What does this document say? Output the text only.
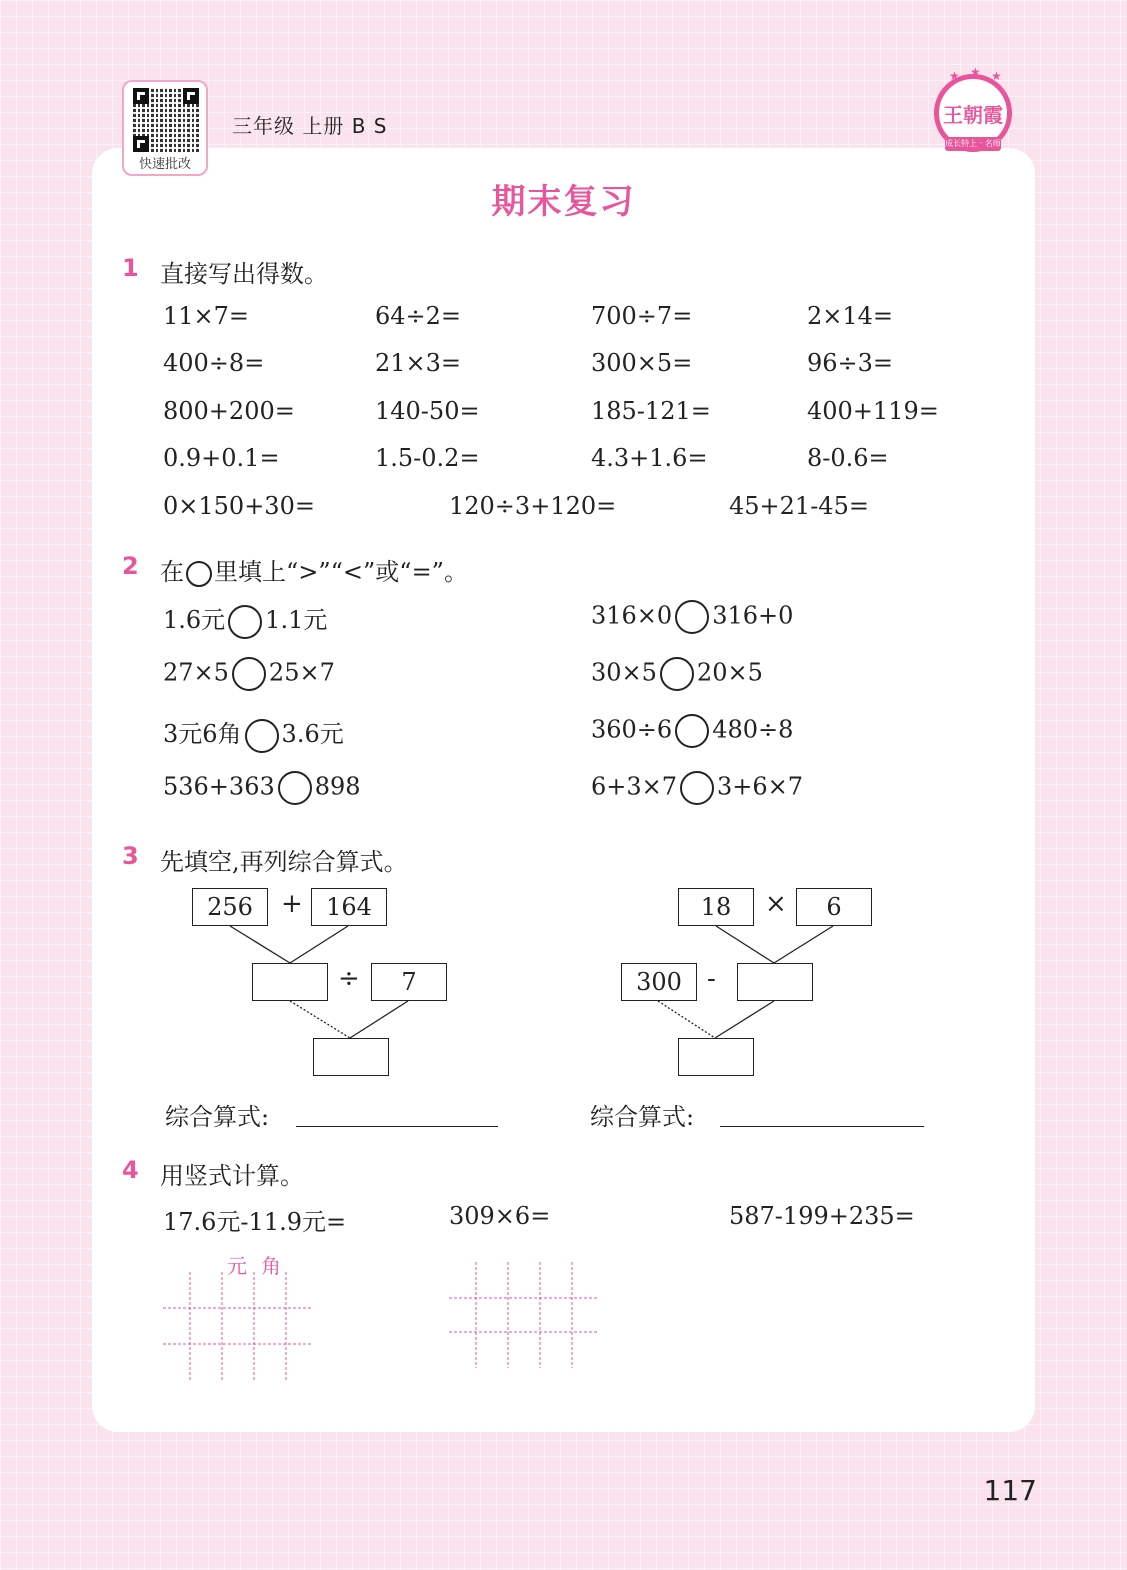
快速批改
三年级 上册 B S
★ ★ ★
王朝霞
成长特上 · 名师指导
期末复习
1 直接写出得数。
11×7=	64÷2=	700÷7=	2×14=
400÷8=	21×3=	300×5=	96÷3=
800+200=	140-50=	185-121=	400+119=
0.9+0.1=	1.5-0.2=	4.3+1.6=	8-0.6=
0×150+30=	120÷3+120=	45+21-45=
2 在 里填上“>”“<”或“=”。
1.6元 1.1元	316×0 316+0
27×5 25×7	30×5 20×5
3元6角 3.6元	360÷6 480÷8
536+363 898	6+3×7 3+6×7
3 先填空,再列综合算式。
256	+ 164
÷	7
18	×	6
300 -
综合算式:	综合算式:
4 用竖式计算。
17.6元-11.9元=	309×6=	587-199+235=
元角
117
